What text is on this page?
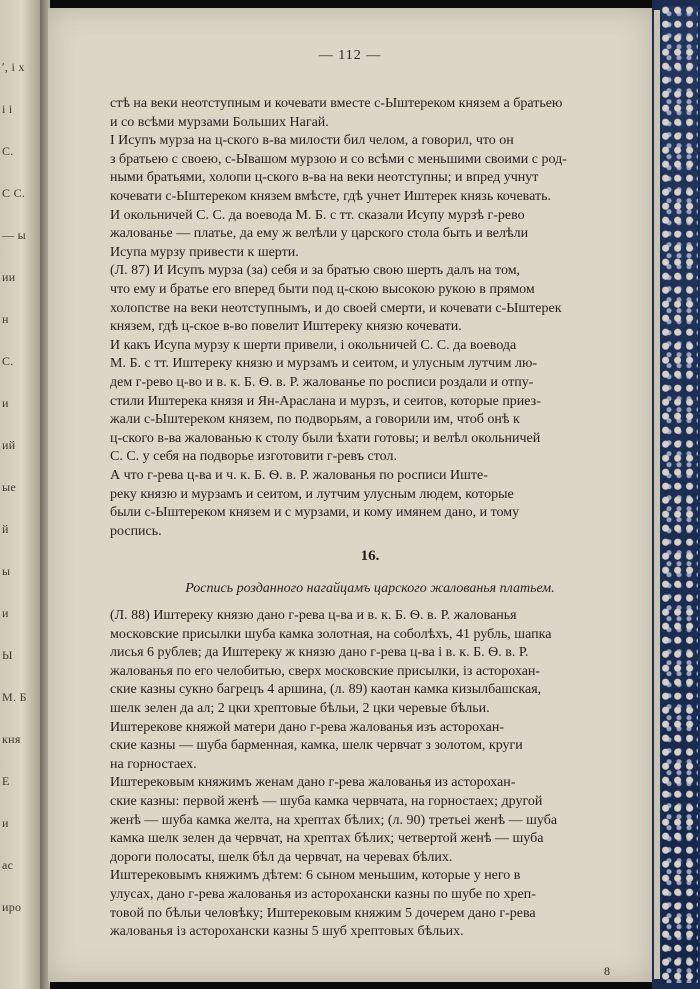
ʹ, i x
i i
C.
С С.
— ы
ии
н
C.
и
ий
ые
й
ы
и
Ы
М. Б
кня
Е
и
ас
иро
— 112 —
стѣ на веки неотступным и кочевати вместе с-Ыштереком князем а братьею
и со всѣми мурзами Больших Нагай.
І Исупъ мурза на ц-ского в-ва милости бил челом, а говорил, что он
з братьею с своею, с-Ывашом мурзою и со всѣми с меньшими своими с род-
ными братьями, холопи ц-ского в-ва на веки неотступны; и впред учнут
кочевати с-Ыштереком князем вмѣсте, гдѣ учнет Иштерек князь кочевать.
И окольничей С. С. да воевода М. Б. с тт. сказали Исупу мурзѣ г-рево
жалованье — платье, да ему ж велѣли у царского стола быть и велѣли
Исупа мурзу привести к шерти.
(Л. 87) И Исупъ мурза (за) себя и за братью свою шерть далъ на том,
что ему и братье его вперед быти под ц-скою высокою рукою в прямом
холопстве на веки неотступнымъ, и до своей смерти, и кочевати с-Ыштерек
князем, гдѣ ц-ское в-во повелит Иштереку князю кочевати.
И какъ Исупа мурзу к шерти привели, і окольничей С. С. да воевода
М. Б. с тт. Иштереку князю и мурзамъ и сеитом, и улусным лутчим лю-
дем г-рево ц-во и в. к. Б. Ѳ. в. Р. жалованье по росписи роздали и отпу-
стили Иштерека князя и Ян-Араслана и мурзъ, и сеитов, которые приез-
жали с-Ыштереком князем, по подворьям, а говорили им, чтоб онѣ к
ц-ского в-ва жалованью к столу были ѣхати готовы; и велѣл окольничей
С. С. у себя на подворье изготовити г-ревъ стол.
А что г-рева ц-ва и ч. к. Б. Ѳ. в. Р. жалованья по росписи Иште-
реку князю и мурзамъ и сеитом, и лутчим улусным людем, которые
были с-Ыштереком князем и с мурзами, и кому имянем дано, и тому
роспись.
16.
Роспись розданного нагайцамъ царского жалованья платьем.
(Л. 88) Иштереку князю дано г-рева ц-ва и в. к. Б. Ѳ. в. Р. жалованья
московские присылки шуба камка золотная, на соболѣхъ, 41 рубль, шапка
лисья 6 рублев; да Иштереку ж князю дано г-рева ц-ва і в. к. Б. Ѳ. в. Р.
жалованья по его челобитью, сверх московские присылки, із асторохан-
ские казны сукно багрецъ 4 аршина, (л. 89) каотан камка кизылбашская,
шелк зелен да ал; 2 цки хрептовые бѣльи, 2 цки черевые бѣльи.
Иштерекове княжой матери дано г-рева жалованья изъ асторохан-
ские казны — шуба барменная, камка, шелк червчат з золотом, круги
на горностаех.
Иштерековым княжимъ женам дано г-рева жалованья из асторохан-
ские казны: первой женѣ — шуба камка червчата, на горностаех; другой
женѣ — шуба камка желта, на хрептах бѣлих; (л. 90) третьеі женѣ — шуба
камка шелк зелен да червчат, на хрептах бѣлих; четвертой женѣ — шуба
дороги полосаты, шелк бѣл да червчат, на черевах бѣлих.
Иштерековымъ княжимъ дѣтем: 6 сыном меньшим, которые у него в
улусах, дано г-рева жалованья из асторохански казны по шубе по хреп-
товой по бѣльи человѣку; Иштерековым княжим 5 дочерем дано г-рева
жалованья із асторохански казны 5 шуб хрептовых бѣльих.
8
